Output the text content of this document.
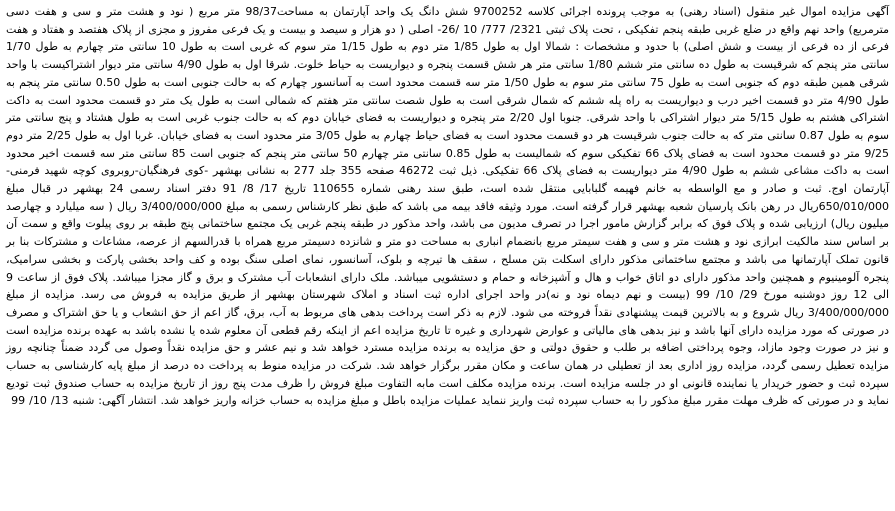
آگهی مزایده اموال غیر منقول (اسناد رهنی) به موجب پرونده اجرائی کلاسه 9700252 شش دانگ یک واحد آپارتمان به مساحت98/37 متر مربع ( نود و هشت متر و سی و هفت دسی مترمربع) واحد نهم واقع در ضلع غربی طبقه پنجم تفکیکی ، تحت پلاک ثبتی 2321/ 777/ 10 /26- اصلی ( دو هزار و سیصد و بیست و یک فرعی مفروز و مجزی از پلاک هفتصد و هفتاد و هفت فرعی از ده فرعی از بیست و شش اصلی) با حدود و مشخصات : شمالا اول به طول 1/85 متر دوم به طول 1/15 متر سوم که غربی است به طول 10 سانتی متر چهارم به طول 1/70 سانتی متر پنجم که شرقیست به طول ده سانتی متر ششم 1/80 سانتی متر هر شش قسمت پنجره و دیواریست به حیاط خلوت. شرقا اول به طول 4/90 سانتی متر دیوار اشتراکیست با واحد شرقی همین طبقه دوم که جنوبی است به طول 75 سانتی متر سوم به طول 1/50 متر سه قسمت محدود است به آسانسور چهارم که به حالت جنوبی است به طول 0.50 سانتی متر پنجم به طول 4/90 متر دو قسمت اخیر درب و دیواریست به راه پله ششم که شمال شرقی است به طول شصت سانتی متر هفتم که شمالی است به طول یک متر دو قسمت محدود است به داکت اشتراکی هشتم به طول 5/15 متر دیوار اشتراکی با واحد شرقی. جنوبا اول 2/20 متر پنجره و دیواریست به فضای خیابان دوم که به حالت جنوب غربی است به طول هشتاد و پنج سانتی متر سوم به طول 0.87 سانتی متر که به حالت جنوب شرقیست هر دو قسمت محدود است به فضای حیاط چهارم به طول 3/05 متر محدود است به فضای خیابان. غربا اول به طول 2/25 متر دوم 9/25 متر دو قسمت محدود است به فضای پلاک 66 تفکیکی سوم که شمالیست به طول 0.85 سانتی متر چهارم 50 سانتی متر پنجم که جنوبی است 85 سانتی متر سه قسمت اخیر محدود است به داکت مشاعی ششم به طول 4/90 متر دیواریست به فضای پلاک 66 تفکیکی. ذیل ثبت 46272 صفحه 355 جلد 277 به نشانی بهشهر -کوی فرهنگیان-روبروی کوچه شهید فرمنی- آپارتمان اوج. ثبت و صادر و مع الواسطه به خانم فهیمه گلبابایی منتقل شده است، طبق سند رهنی شماره 110655 تاریخ 17/ 8/ 91 دفتر اسناد رسمی 24 بهشهر در قبال مبلغ 650/010/000ریال در رهن بانک پارسیان شعبه بهشهر قرار گرفته است. مورد وثیقه فاقد بیمه می باشد که طبق نظر کارشناس رسمی به مبلغ 3/400/000/000 ریال ( سه میلیارد و چهارصد میلیون ریال) ارزیابی شده و پلاک فوق که برابر گزارش مامور اجرا در تصرف مدیون می باشد، واحد مذکور در طبقه پنجم غربی یک مجتمع ساختمانی پنج طبقه بر روی پیلوت واقع و سمت آن بر اساس سند مالکیت ابرازی نود و هشت متر و سی و هفت سیمتر مربع بانضمام انباری به مساحت دو متر و شانزده دسیمتر مربع همراه با قدرالسهم از عرصه، مشاعات و مشترکات بنا بر قانون تملک آپارتمانها می باشد و مجتمع ساختمانی مذکور دارای اسکلت بتن مسلح ، سقف ها تیرچه و بلوک، آسانسور، نمای اصلی سنگ بوده و کف واحد بخشی پارکت و بخشی سرامیک، پنجره آلومینیوم و همچنین واحد مذکور دارای دو اتاق خواب و هال و آشپزخانه و حمام و دستشویی میباشد. ملک دارای انشعابات آب مشترک و برق و گاز مجزا میباشد. پلاک فوق از ساعت 9 الی 12 روز دوشنبه مورخ 29/ 10/ 99 (بیست و نهم دیماه نود و نه)در واحد اجرای اداره ثبت اسناد و املاک شهرستان بهشهر از طریق مزایده به فروش می رسد. مزایده از مبلغ 3/400/000/000 ریال شروع و به بالاترین قیمت پیشنهادی نقداً فروخته می شود. لازم به ذکر است پرداخت بدهی های مربوط به آب، برق، گاز اعم از حق انشعاب و یا حق اشتراک و مصرف در صورتی که مورد مزایده دارای آنها باشد و نیز بدهی های مالیاتی و عوارض شهرداری و غیره تا تاریخ مزایده اعم از اینکه رقم قطعی آن معلوم شده یا نشده باشد به عهده برنده مزایده است و نیز در صورت وجود مازاد، وجوه پرداختی اضافه بر طلب و حقوق دولتی و حق مزایده به برنده مزایده مسترد خواهد شد و نیم عشر و حق مزایده نقداً وصول می گردد ضمناً چنانچه روز مزایده تعطیل رسمی گردد، مزایده روز اداری بعد از تعطیلی در همان ساعت و مکان مقرر برگزار خواهد شد. شرکت در مزایده منوط به پرداخت ده درصد از مبلغ پایه کارشناسی به حساب سپرده ثبت و حضور خریدار یا نماینده قانونی او در جلسه مزایده است. برنده مزایده مکلف است مابه التفاوت مبلغ فروش را ظرف مدت پنج روز از تاریخ مزایده به حساب صندوق ثبت تودیع نماید و در صورتی که ظرف مهلت مقرر مبلغ مذکور را به حساب سپرده ثبت واریز ننماید عملیات مزایده باطل و مبلغ مزایده به حساب خزانه واریز خواهد شد. انتشار آگهی: شنبه 13/ 10/ 99
